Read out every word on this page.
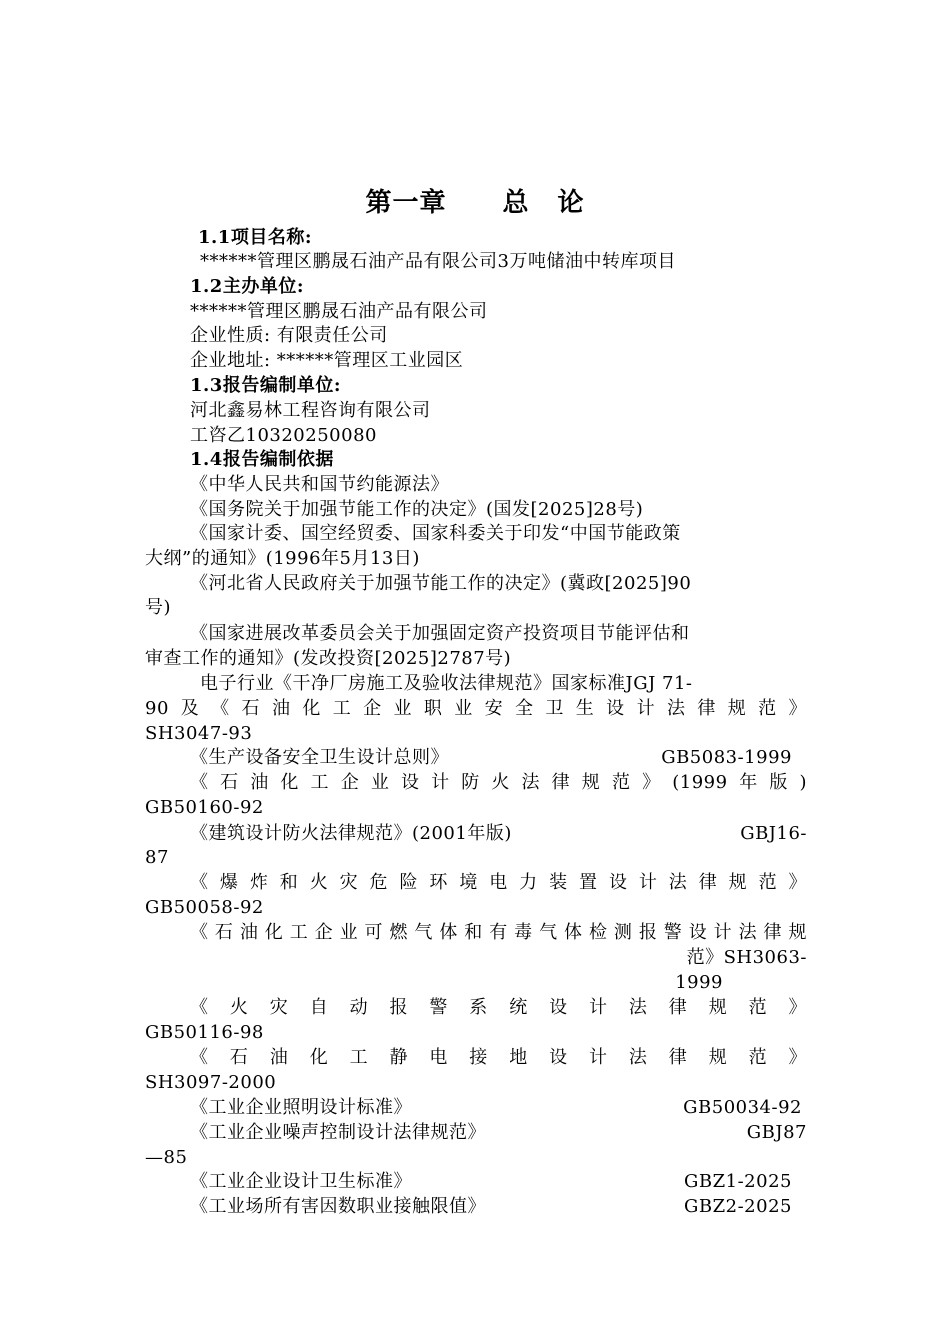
第一章 总 论
1.1项目名称:
******管理区鹏晟石油产品有限公司3万吨储油中转库项目
1.2主办单位:
******管理区鹏晟石油产品有限公司
企业性质: 有限责任公司
企业地址: ******管理区工业园区
1.3报告编制单位:
河北鑫易林工程咨询有限公司
工咨乙10320250080
1.4报告编制依据
《中华人民共和国节约能源法》
《国务院关于加强节能工作的决定》(国发[2025]28号)
《国家计委、国空经贸委、国家科委关于印发“中国节能政策
大纲”的通知》(1996年5月13日)
《河北省人民政府关于加强节能工作的决定》(冀政[2025]90
号)
《国家进展改革委员会关于加强固定资产投资项目节能评估和
审查工作的通知》(发改投资[2025]2787号)
电子行业《干净厂房施工及验收法律规范》国家标准JGJ 71-
90及《石油化工企业职业安全卫生设计法律规范》
SH3047-93
《生产设备安全卫生设计总则》	GB5083-1999
《石油化工企业设计防火法律规范》(1999年版)
GB50160-92
《建筑设计防火法律规范》(2001年版)	GBJ16-
87
《爆炸和火灾危险环境电力装置设计法律规范》
GB50058-92
《石油化工企业可燃气体和有毒气体检测报警设计法律规
范》SH3063-
1999
《火灾自动报警系统设计法律规范》
GB50116-98
《石油化工静电接地设计法律规范》
SH3097-2000
《工业企业照明设计标准》	GB50034-92
《工业企业噪声控制设计法律规范》	GBJ87
—85
《工业企业设计卫生标准》	GBZ1-2025
《工业场所有害因数职业接触限值》	GBZ2-2025
